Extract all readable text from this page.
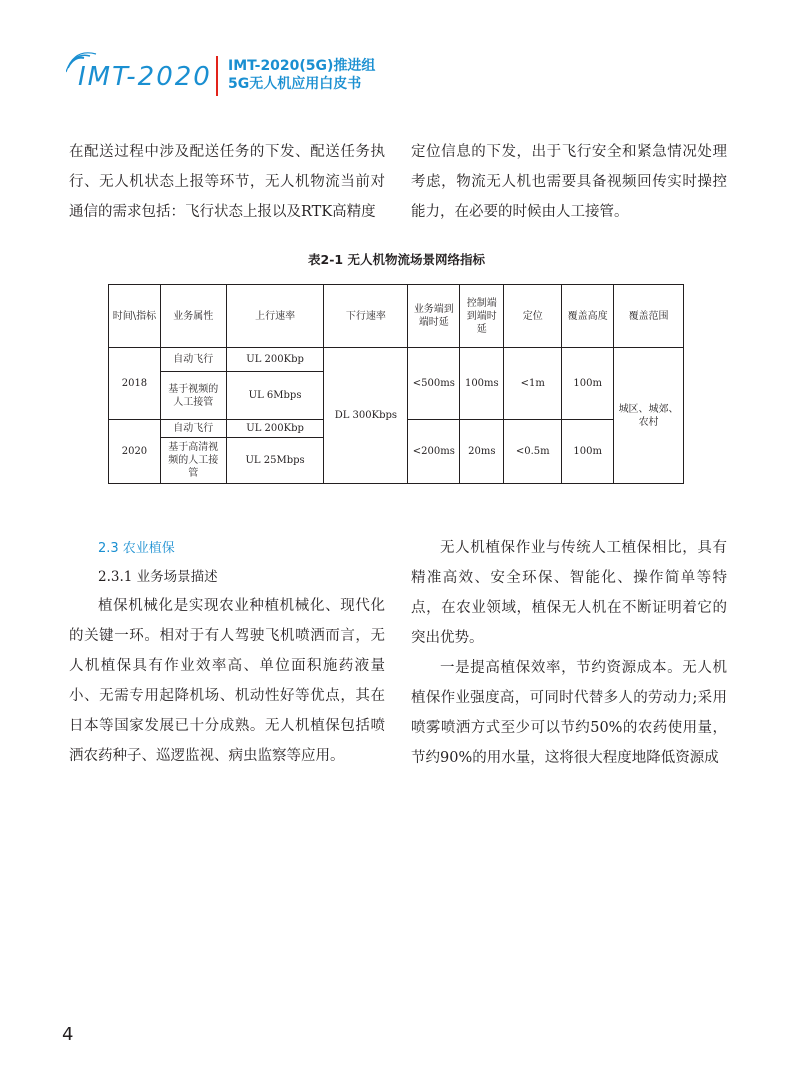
IMT-2020 IMT-2020(5G)推进组
5G无人机应用白皮书

在配送过程中涉及配送任务的下发、配送任务执行、无人机状态上报等环节，无人机物流当前对通信的需求包括：飞行状态上报以及RTK高精度

定位信息的下发，出于飞行安全和紧急情况处理考虑，物流无人机也需要具备视频回传实时操控能力，在必要的时候由人工接管。

表2-1 无人机物流场景网络指标
时间\指标	业务属性	上行速率	下行速率	业务端到端时延	控制端到端时延	定位	覆盖高度	覆盖范围
2018	自动飞行	UL 200Kbp	DL 300Kbps	<500ms	100ms	<1m	100m	城区、城郊、农村
	基于视频的人工接管	UL 6Mbps						
2020	自动飞行	UL 200Kbp		<200ms	20ms	<0.5m	100m	
	基于高清视频的人工接管	UL 25Mbps						
2.3 农业植保
2.3.1 业务场景描述

植保机械化是实现农业种植机械化、现代化的关键一环。相对于有人驾驶飞机喷洒而言，无人机植保具有作业效率高、单位面积施药液量小、无需专用起降机场、机动性好等优点，其在日本等国家发展已十分成熟。无人机植保包括喷洒农药种子、巡逻监视、病虫监察等应用。

无人机植保作业与传统人工植保相比，具有精准高效、安全环保、智能化、操作简单等特点，在农业领域，植保无人机在不断证明着它的突出优势。

一是提高植保效率，节约资源成本。无人机植保作业强度高，可同时代替多人的劳动力;采用喷雾喷洒方式至少可以节约50%的农药使用量，节约90%的用水量，这将很大程度地降低资源成

4
